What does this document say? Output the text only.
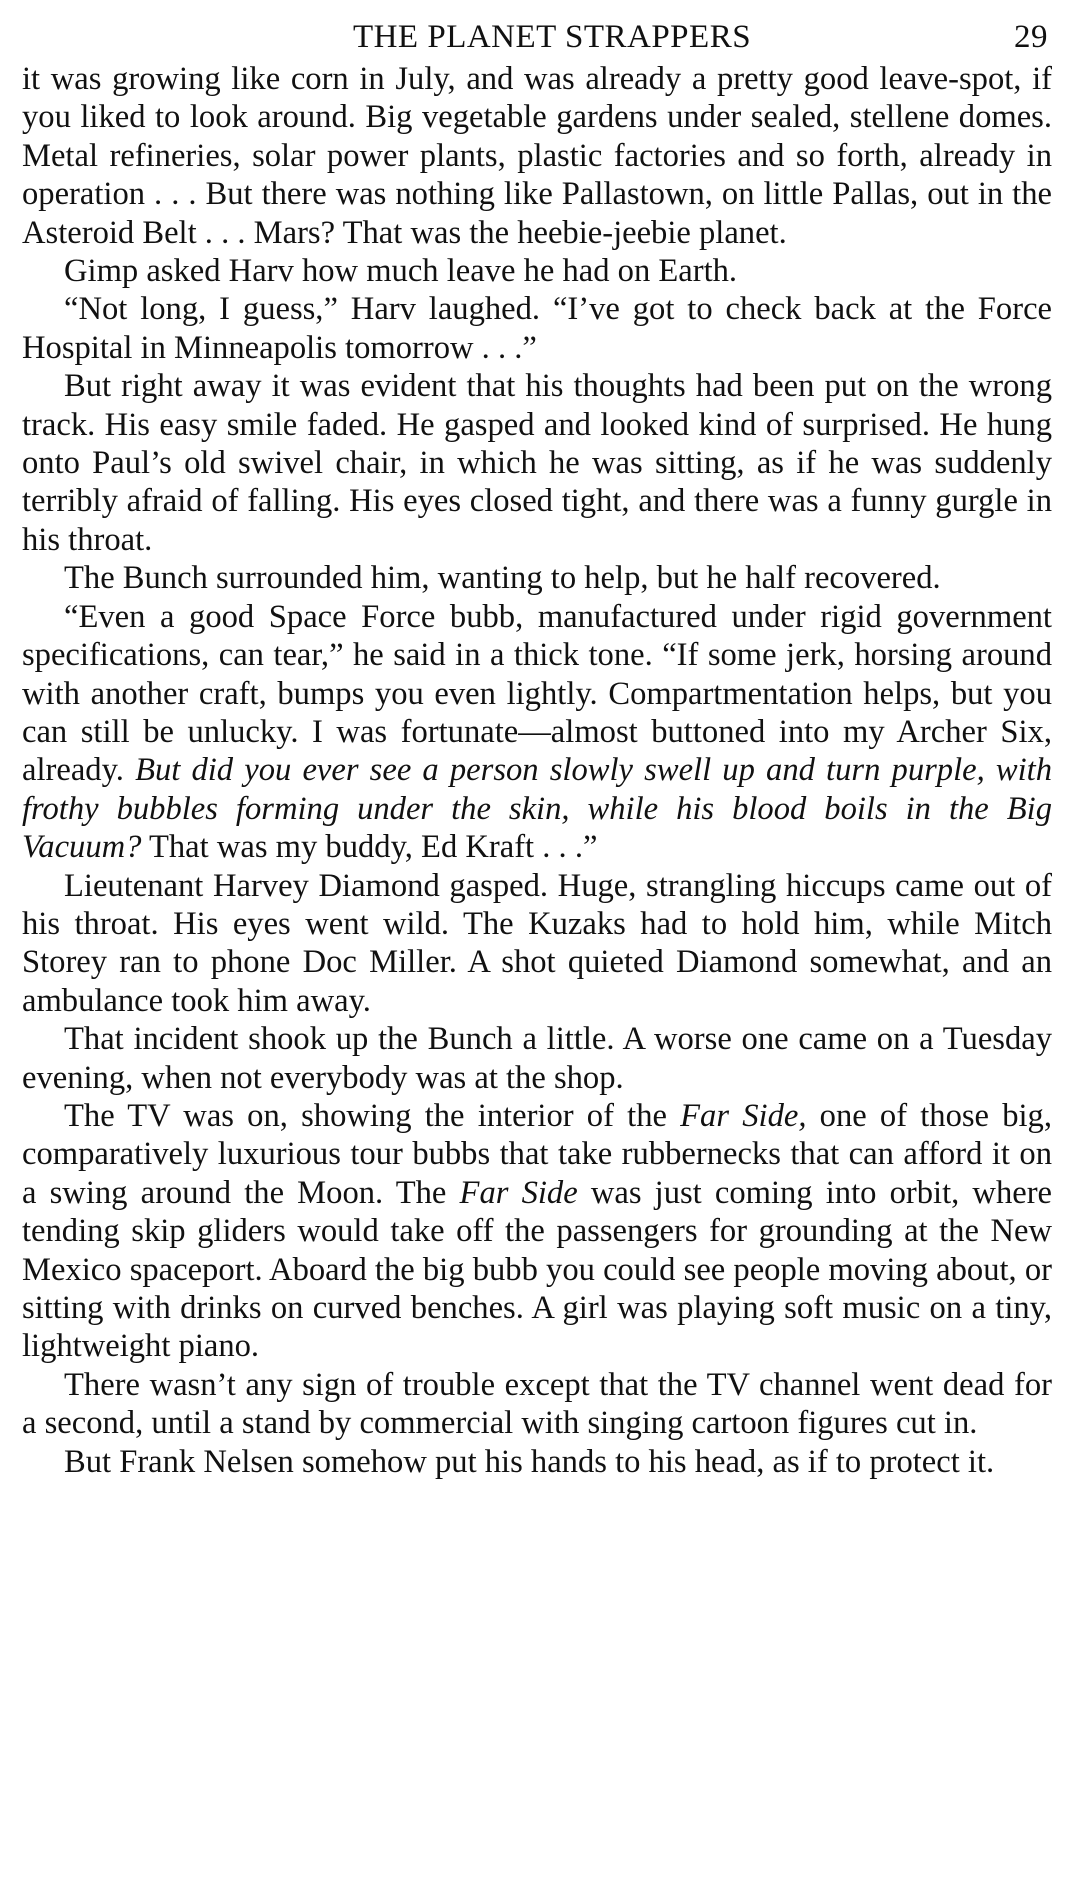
THE PLANET STRAPPERS	29

it was growing like corn in July, and was already a pretty good leave-spot, if you liked to look around. Big vegetable gardens under sealed, stellene domes. Metal refineries, solar power plants, plastic factories and so forth, already in operation . . . But there was nothing like Pallastown, on little Pallas, out in the Asteroid Belt . . . Mars? That was the heebie-jeebie planet.

Gimp asked Harv how much leave he had on Earth.

“Not long, I guess,” Harv laughed. “I’ve got to check back at the Force Hospital in Minneapolis tomorrow . . .”

But right away it was evident that his thoughts had been put on the wrong track. His easy smile faded. He gasped and looked kind of surprised. He hung onto Paul’s old swivel chair, in which he was sitting, as if he was suddenly terribly afraid of falling. His eyes closed tight, and there was a funny gurgle in his throat.

The Bunch surrounded him, wanting to help, but he half recovered.

“Even a good Space Force bubb, manufactured under rigid government specifications, can tear,” he said in a thick tone. “If some jerk, horsing around with another craft, bumps you even lightly. Compartmentation helps, but you can still be unlucky. I was fortunate—almost buttoned into my Archer Six, already. But did you ever see a person slowly swell up and turn purple, with frothy bubbles forming under the skin, while his blood boils in the Big Vacuum? That was my buddy, Ed Kraft . . .”

Lieutenant Harvey Diamond gasped. Huge, strangling hiccups came out of his throat. His eyes went wild. The Kuzaks had to hold him, while Mitch Storey ran to phone Doc Miller. A shot quieted Diamond somewhat, and an ambulance took him away.

That incident shook up the Bunch a little. A worse one came on a Tuesday evening, when not everybody was at the shop.

The TV was on, showing the interior of the Far Side, one of those big, comparatively luxurious tour bubbs that take rubbernecks that can afford it on a swing around the Moon. The Far Side was just coming into orbit, where tending skip gliders would take off the passengers for grounding at the New Mexico spaceport. Aboard the big bubb you could see people moving about, or sitting with drinks on curved benches. A girl was playing soft music on a tiny, lightweight piano.

There wasn’t any sign of trouble except that the TV channel went dead for a second, until a stand by commercial with singing cartoon figures cut in.

But Frank Nelsen somehow put his hands to his head, as if to protect it.
